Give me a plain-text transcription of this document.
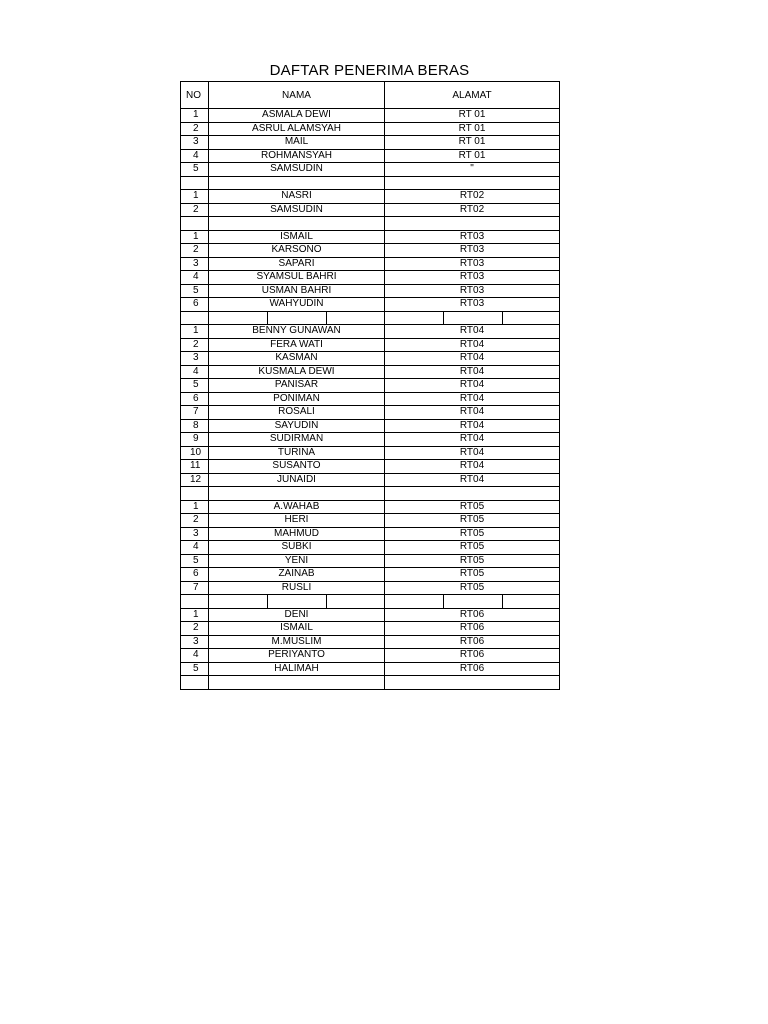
DAFTAR PENERIMA BERAS
NO	NAMA	ALAMAT
1	ASMALA DEWI	RT 01
2	ASRUL ALAMSYAH	RT 01
3	MAIL	RT 01
4	ROHMANSYAH	RT 01
5	SAMSUDIN	"

1	NASRI	RT02
2	SAMSUDIN	RT02

1	ISMAIL	RT03
2	KARSONO	RT03
3	SAPARI	RT03
4	SYAMSUL BAHRI	RT03
5	USMAN BAHRI	RT03
6	WAHYUDIN	RT03

1	BENNY GUNAWAN	RT04
2	FERA WATI	RT04
3	KASMAN	RT04
4	KUSMALA DEWI	RT04
5	PANISAR	RT04
6	PONIMAN	RT04
7	ROSALI	RT04
8	SAYUDIN	RT04
9	SUDIRMAN	RT04
10	TURINA	RT04
11	SUSANTO	RT04
12	JUNAIDI	RT04

1	A.WAHAB	RT05
2	HERI	RT05
3	MAHMUD	RT05
4	SUBKI	RT05
5	YENI	RT05
6	ZAINAB	RT05
7	RUSLI	RT05

1	DENI	RT06
2	ISMAIL	RT06
3	M.MUSLIM	RT06
4	PERIYANTO	RT06
5	HALIMAH	RT06
